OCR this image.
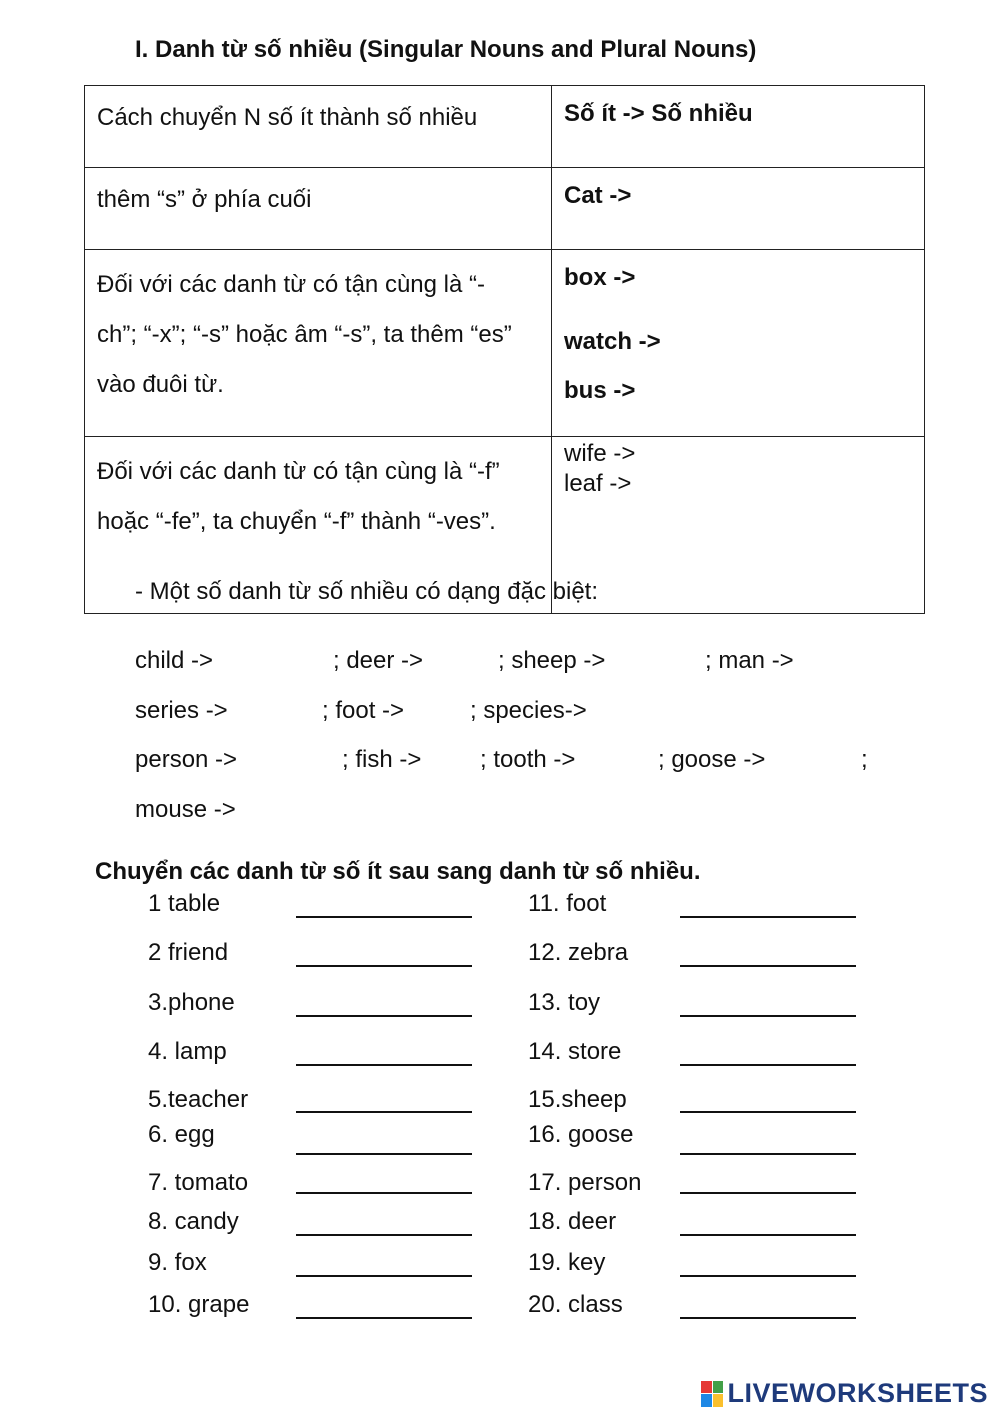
I. Danh từ số nhiều (Singular Nouns and Plural Nouns)
Cách chuyển N số ít thành số nhiều	Số ít -> Số nhiều
thêm “s” ở phía cuối	Cat ->
Đối với các danh từ có tận cùng là “-ch”; “-x”; “-s” hoặc âm “-s”, ta thêm “es” vào đuôi từ.	box ->
watch ->
bus ->

Đối với các danh từ có tận cùng là “-f” hoặc “-fe”, ta chuyển “-f” thành “-ves”.	wife ->
leaf ->
- Một số danh từ số nhiều có dạng đặc biệt:
child ->	; deer ->	; sheep ->	; man ->
series ->	; foot ->	; species->
person ->	; fish -> ; tooth ->	; goose ->	;
mouse ->
Chuyển các danh từ số ít sau sang danh từ số nhiều.
1 table
2 friend
3.phone
4. lamp
5.teacher
6. egg
7. tomato
8. candy
9. fox
10. grape
11. foot
12. zebra
13. toy
14. store
15.sheep
16. goose
17. person
18. deer
19. key
20. class
LIVEWORKSHEETS
